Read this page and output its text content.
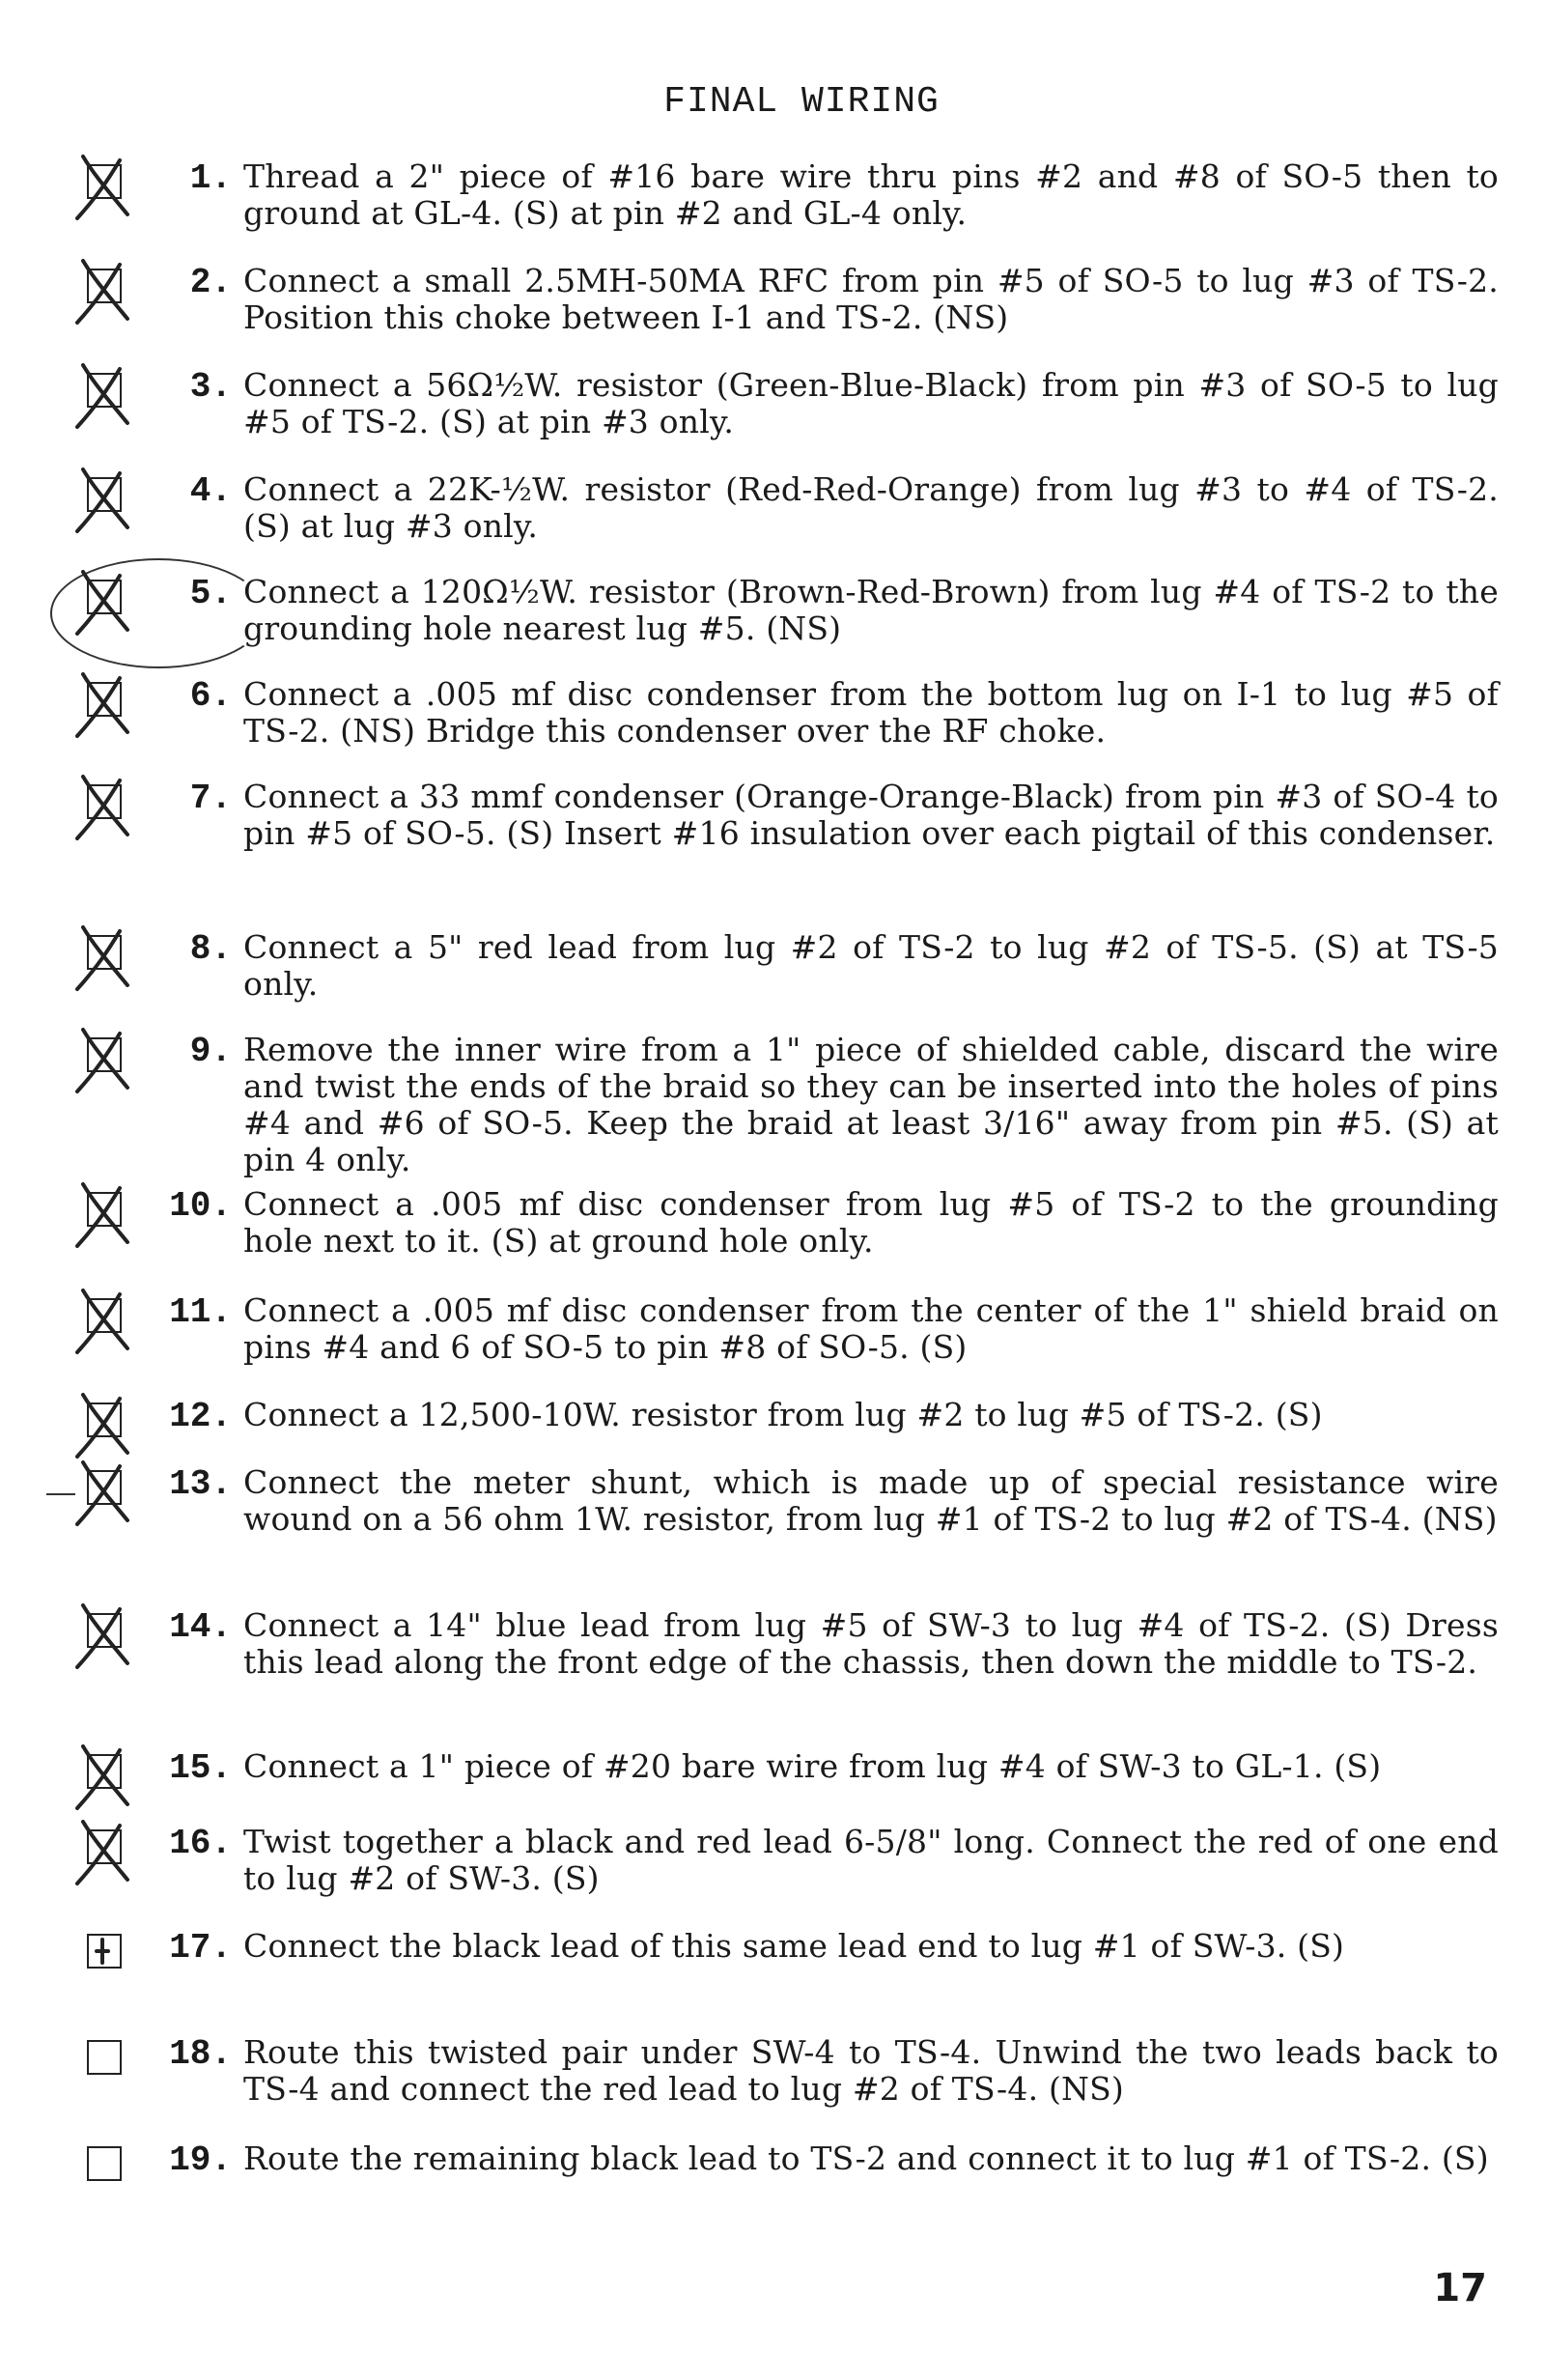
FINAL WIRING
1. Thread a 2" piece of #16 bare wire thru pins #2 and #8 of SO-5 then to ground at GL-4. (S) at pin #2 and GL-4 only.
2. Connect a small 2.5MH-50MA RFC from pin #5 of SO-5 to lug #3 of TS-2. Position this choke between I-1 and TS-2. (NS)
3. Connect a 56Ω½W. resistor (Green-Blue-Black) from pin #3 of SO-5 to lug #5 of TS-2. (S) at pin #3 only.
4. Connect a 22K-½W. resistor (Red-Red-Orange) from lug #3 to #4 of TS-2. (S) at lug #3 only.
5. Connect a 120Ω½W. resistor (Brown-Red-Brown) from lug #4 of TS-2 to the grounding hole nearest lug #5. (NS)
6. Connect a .005 mf disc condenser from the bottom lug on I-1 to lug #5 of TS-2. (NS) Bridge this condenser over the RF choke.
7. Connect a 33 mmf condenser (Orange-Orange-Black) from pin #3 of SO-4 to pin #5 of SO-5. (S) Insert #16 insulation over each pigtail of this condenser.
8. Connect a 5" red lead from lug #2 of TS-2 to lug #2 of TS-5. (S) at TS-5 only.
9. Remove the inner wire from a 1" piece of shielded cable, discard the wire and twist the ends of the braid so they can be inserted into the holes of pins #4 and #6 of SO-5. Keep the braid at least 3/16" away from pin #5. (S) at pin 4 only.
10. Connect a .005 mf disc condenser from lug #5 of TS-2 to the grounding hole next to it. (S) at ground hole only.
11. Connect a .005 mf disc condenser from the center of the 1" shield braid on pins #4 and 6 of SO-5 to pin #8 of SO-5. (S)
12. Connect a 12,500-10W. resistor from lug #2 to lug #5 of TS-2. (S)
13. Connect the meter shunt, which is made up of special resistance wire wound on a 56 ohm 1W. resistor, from lug #1 of TS-2 to lug #2 of TS-4. (NS)
14. Connect a 14" blue lead from lug #5 of SW-3 to lug #4 of TS-2. (S) Dress this lead along the front edge of the chassis, then down the middle to TS-2.
15. Connect a 1" piece of #20 bare wire from lug #4 of SW-3 to GL-1. (S)
16. Twist together a black and red lead 6-5/8" long. Connect the red of one end to lug #2 of SW-3. (S)
17. Connect the black lead of this same lead end to lug #1 of SW-3. (S)
18. Route this twisted pair under SW-4 to TS-4. Unwind the two leads back to TS-4 and connect the red lead to lug #2 of TS-4. (NS)
19. Route the remaining black lead to TS-2 and connect it to lug #1 of TS-2. (S)
17
